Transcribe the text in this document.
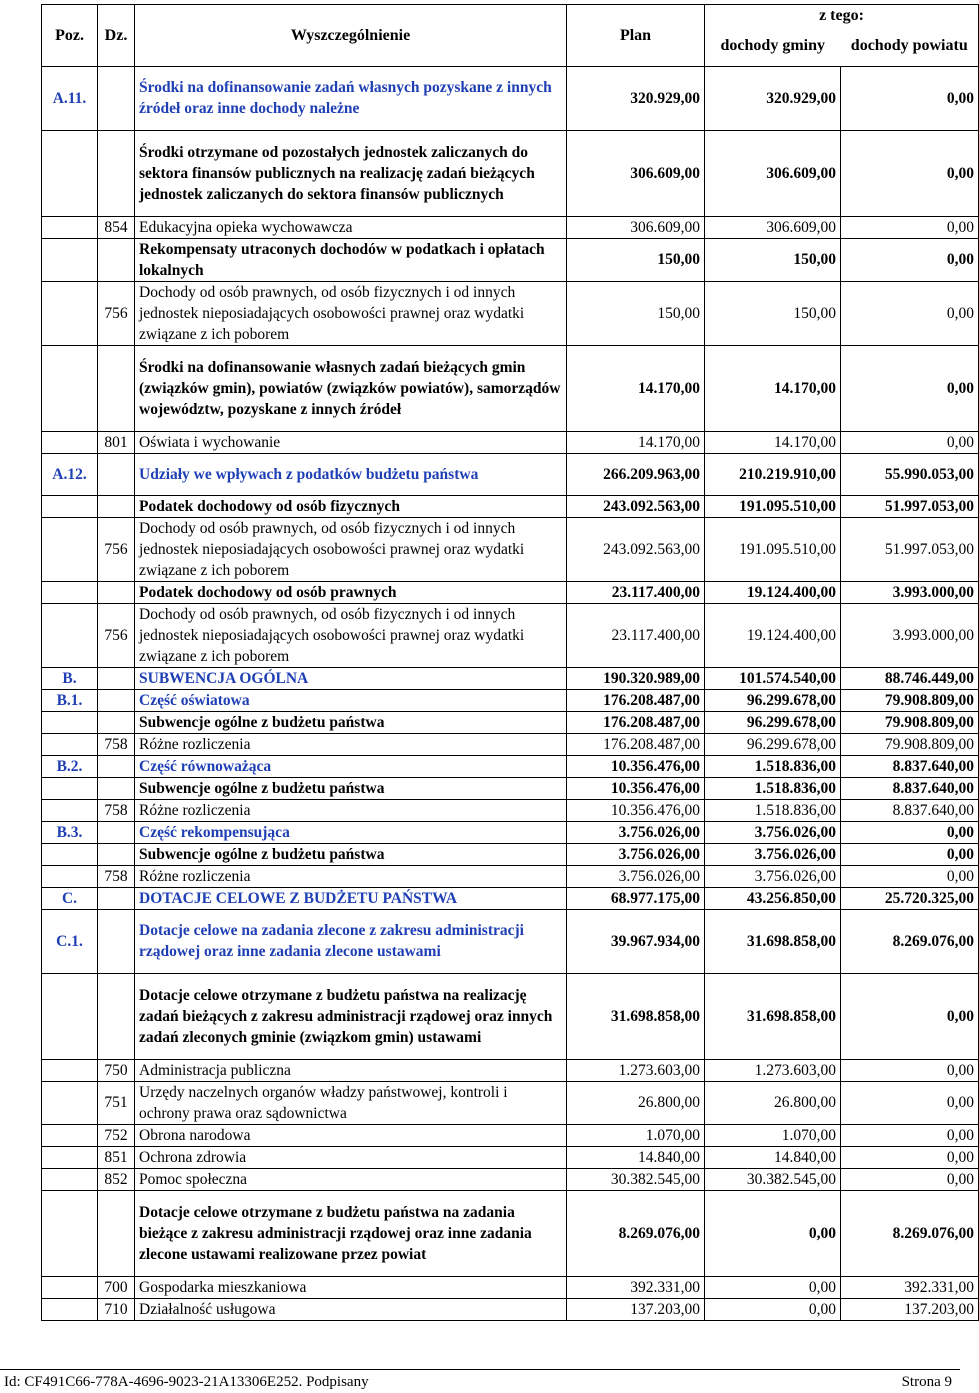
Poz.	Dz.	Wyszczególnienie	Plan	z tego:	
				dochody gminy	dochody powiatu
A.11.		Środki na dofinansowanie zadań własnych pozyskane z innych źródeł oraz inne dochody należne	320.929,00	320.929,00	0,00
		Środki otrzymane od pozostałych jednostek zaliczanych do sektora finansów publicznych na realizację zadań bieżących jednostek zaliczanych do sektora finansów publicznych	306.609,00	306.609,00	0,00
	854	Edukacyjna opieka wychowawcza	306.609,00	306.609,00	0,00
		Rekompensaty utraconych dochodów w podatkach i opłatach lokalnych	150,00	150,00	0,00
	756	Dochody od osób prawnych, od osób fizycznych i od innych jednostek nieposiadających osobowości prawnej oraz wydatki związane z ich poborem	150,00	150,00	0,00
		Środki na dofinansowanie własnych zadań bieżących gmin (związków gmin), powiatów (związków powiatów), samorządów województw, pozyskane z innych źródeł	14.170,00	14.170,00	0,00
	801	Oświata i wychowanie	14.170,00	14.170,00	0,00
A.12.		Udziały we wpływach z podatków budżetu państwa	266.209.963,00	210.219.910,00	55.990.053,00
		Podatek dochodowy od osób fizycznych	243.092.563,00	191.095.510,00	51.997.053,00
	756	Dochody od osób prawnych, od osób fizycznych i od innych jednostek nieposiadających osobowości prawnej oraz wydatki związane z ich poborem	243.092.563,00	191.095.510,00	51.997.053,00
		Podatek dochodowy od osób prawnych	23.117.400,00	19.124.400,00	3.993.000,00
	756	Dochody od osób prawnych, od osób fizycznych i od innych jednostek nieposiadających osobowości prawnej oraz wydatki związane z ich poborem	23.117.400,00	19.124.400,00	3.993.000,00
B.		SUBWENCJA OGÓLNA	190.320.989,00	101.574.540,00	88.746.449,00
B.1.		Część oświatowa	176.208.487,00	96.299.678,00	79.908.809,00
		Subwencje ogólne z budżetu państwa	176.208.487,00	96.299.678,00	79.908.809,00
	758	Różne rozliczenia	176.208.487,00	96.299.678,00	79.908.809,00
B.2.		Część równoważąca	10.356.476,00	1.518.836,00	8.837.640,00
		Subwencje ogólne z budżetu państwa	10.356.476,00	1.518.836,00	8.837.640,00
	758	Różne rozliczenia	10.356.476,00	1.518.836,00	8.837.640,00
B.3.		Część rekompensująca	3.756.026,00	3.756.026,00	0,00
		Subwencje ogólne z budżetu państwa	3.756.026,00	3.756.026,00	0,00
	758	Różne rozliczenia	3.756.026,00	3.756.026,00	0,00
C.		DOTACJE CELOWE Z BUDŻETU PAŃSTWA	68.977.175,00	43.256.850,00	25.720.325,00
C.1.		Dotacje celowe na zadania zlecone z zakresu administracji rządowej oraz inne zadania zlecone ustawami	39.967.934,00	31.698.858,00	8.269.076,00
		Dotacje celowe otrzymane z budżetu państwa na realizację zadań bieżących z zakresu administracji rządowej oraz innych zadań zleconych gminie (związkom gmin) ustawami	31.698.858,00	31.698.858,00	0,00
	750	Administracja publiczna	1.273.603,00	1.273.603,00	0,00
	751	Urzędy naczelnych organów władzy państwowej, kontroli i ochrony prawa oraz sądownictwa	26.800,00	26.800,00	0,00
	752	Obrona narodowa	1.070,00	1.070,00	0,00
	851	Ochrona zdrowia	14.840,00	14.840,00	0,00
	852	Pomoc społeczna	30.382.545,00	30.382.545,00	0,00
		Dotacje celowe otrzymane z budżetu państwa na zadania bieżące z zakresu administracji rządowej oraz inne zadania zlecone ustawami realizowane przez powiat	8.269.076,00	0,00	8.269.076,00
	700	Gospodarka mieszkaniowa	392.331,00	0,00	392.331,00
	710	Działalność usługowa	137.203,00	0,00	137.203,00
Id: CF491C66-778A-4696-9023-21A13306E252. Podpisany	Strona 9
